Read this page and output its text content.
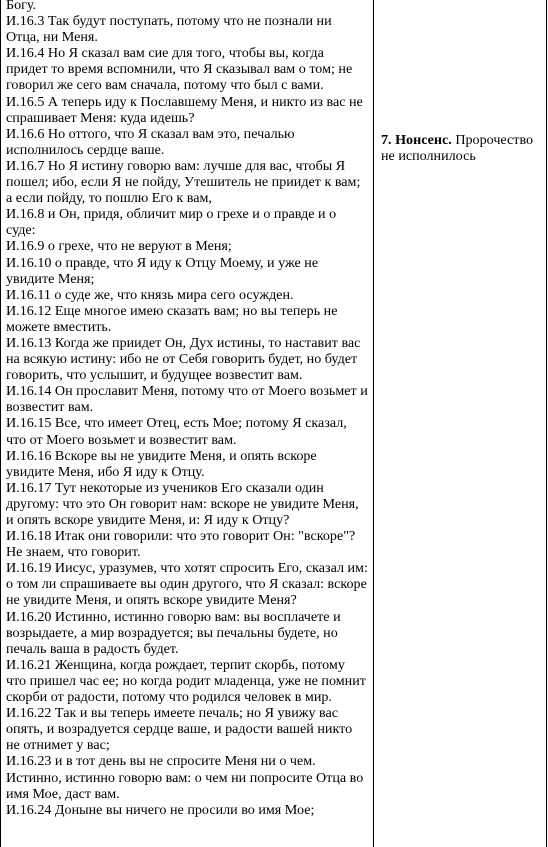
Богу.

И.16.3 Так будут поступать, потому что не познали ни Отца, ни Меня.

И.16.4 Но Я сказал вам сие для того, чтобы вы, когда придет то время вспомнили, что Я сказывал вам о том; не говорил же сего вам сначала, потому что был с вами.

И.16.5 А теперь иду к Пославшему Меня, и никто из вас не спрашивает Меня: куда идешь?

И.16.6 Но оттого, что Я сказал вам это, печалью исполнилось сердце ваше.

И.16.7 Но Я истину говорю вам: лучше для вас, чтобы Я пошел; ибо, если Я не пойду, Утешитель не приидет к вам; а если пойду, то пошлю Его к вам,

И.16.8 и Он, придя, обличит мир о грехе и о правде и о суде:

И.16.9 о грехе, что не веруют в Меня;

И.16.10 о правде, что Я иду к Отцу Моему, и уже не увидите Меня;

И.16.11 о суде же, что князь мира сего осужден.

И.16.12 Еще многое имею сказать вам; но вы теперь не можете вместить.

И.16.13 Когда же приидет Он, Дух истины, то наставит вас на всякую истину: ибо не от Себя говорить будет, но будет говорить, что услышит, и будущее возвестит вам.

И.16.14 Он прославит Меня, потому что от Моего возьмет и возвестит вам.

И.16.15 Все, что имеет Отец, есть Мое; потому Я сказал, что от Моего возьмет и возвестит вам.

И.16.16 Вскоре вы не увидите Меня, и опять вскоре увидите Меня, ибо Я иду к Отцу.

И.16.17 Тут некоторые из учеников Его сказали один другому: что это Он говорит нам: вскоре не увидите Меня, и опять вскоре увидите Меня, и: Я иду к Отцу?

И.16.18 Итак они говорили: что это говорит Он: "вскоре"? Не знаем, что говорит.

И.16.19 Иисус, уразумев, что хотят спросить Его, сказал им: о том ли спрашиваете вы один другого, что Я сказал: вскоре не увидите Меня, и опять вскоре увидите Меня?

И.16.20 Истинно, истинно говорю вам: вы восплачете и возрыдаете, а мир возрадуется; вы печальны будете, но печаль ваша в радость будет.

И.16.21 Женщина, когда рождает, терпит скорбь, потому что пришел час ее; но когда родит младенца, уже не помнит скорби от радости, потому что родился человек в мир.

И.16.22 Так и вы теперь имеете печаль; но Я увижу вас опять, и возрадуется сердце ваше, и радости вашей никто не отнимет у вас;

И.16.23 и в тот день вы не спросите Меня ни о чем. Истинно, истинно говорю вам: о чем ни попросите Отца во имя Мое, даст вам.

И.16.24 Доныне вы ничего не просили во имя Мое;

7. Нонсенс. Пророчество не исполнилось
